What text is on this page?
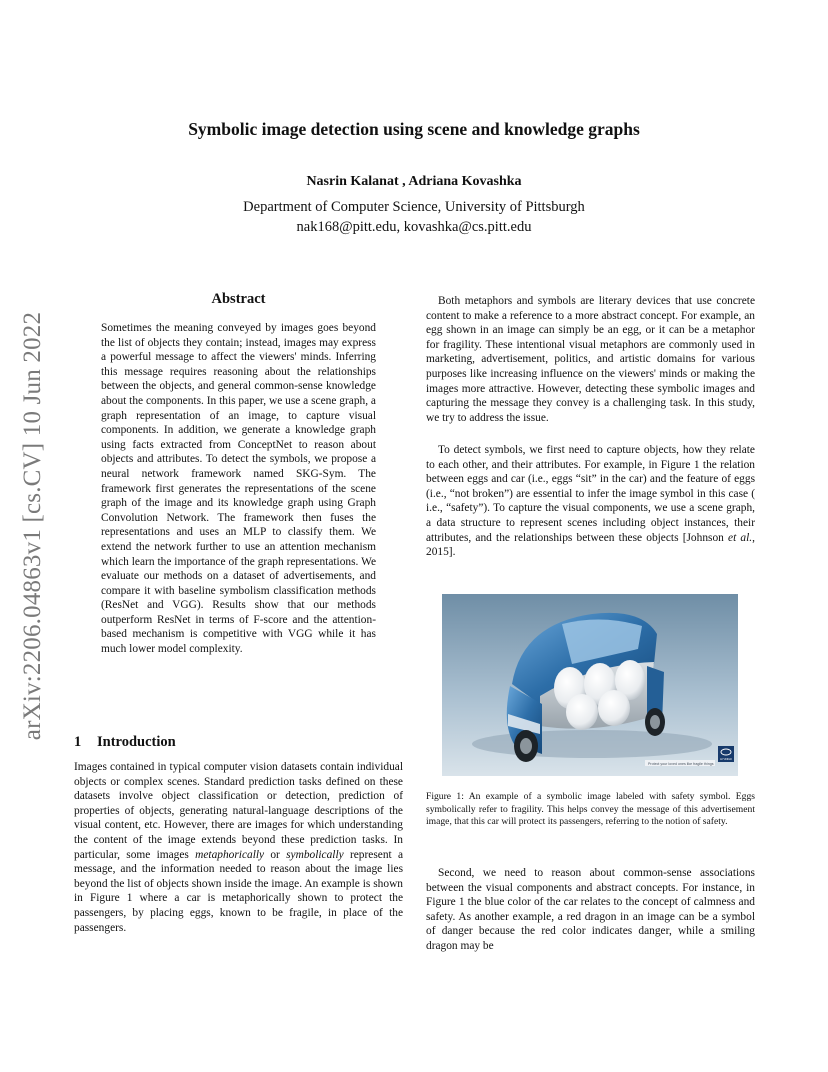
arXiv:2206.04863v1 [cs.CV] 10 Jun 2022
Symbolic image detection using scene and knowledge graphs
Nasrin Kalanat , Adriana Kovashka
Department of Computer Science, University of Pittsburgh
nak168@pitt.edu, kovashka@cs.pitt.edu
Abstract

Sometimes the meaning conveyed by images goes beyond the list of objects they contain; instead, images may express a powerful message to affect the viewers' minds. Inferring this message requires reasoning about the relationships between the objects, and general common-sense knowledge about the components. In this paper, we use a scene graph, a graph representation of an image, to capture visual components. In addition, we generate a knowledge graph using facts extracted from ConceptNet to reason about objects and attributes. To detect the symbols, we propose a neural network framework named SKG-Sym. The framework first generates the representations of the scene graph of the image and its knowledge graph using Graph Convolution Network. The framework then fuses the representations and uses an MLP to classify them. We extend the network further to use an attention mechanism which learn the importance of the graph representations. We evaluate our methods on a dataset of advertisements, and compare it with baseline symbolism classification methods (ResNet and VGG). Results show that our methods outperform ResNet in terms of F-score and the attention-based mechanism is competitive with VGG while it has much lower model complexity.

1 Introduction

Images contained in typical computer vision datasets contain individual objects or complex scenes. Standard prediction tasks defined on these datasets involve object classification or detection, prediction of properties of objects, generating natural-language descriptions of the visual content, etc. However, there are images for which understanding the content of the image extends beyond these prediction tasks. In particular, some images metaphorically or symbolically represent a message, and the information needed to reason about the image lies beyond the list of objects shown inside the image. An example is shown in Figure 1 where a car is metaphorically shown to protect the passengers, by placing eggs, known to be fragile, in place of the passengers.

Both metaphors and symbols are literary devices that use concrete content to make a reference to a more abstract concept. For example, an egg shown in an image can simply be an egg, or it can be a metaphor for fragility. These intentional visual metaphors are commonly used in marketing, advertisement, politics, and artistic domains for various purposes like increasing influence on the viewers' minds or making the images more attractive. However, detecting these symbolic images and capturing the message they convey is a challenging task. In this study, we try to address the issue.

To detect symbols, we first need to capture objects, how they relate to each other, and their attributes. For example, in Figure 1 the relation between eggs and car (i.e., eggs “sit” in the car) and the feature of eggs (i.e., “not broken”) are essential to infer the image symbol in this case ( i.e., “safety”). To capture the visual components, we use a scene graph, a data structure to represent scenes including object instances, their attributes, and the relationships between these objects [Johnson et al., 2015].

Protect your loved ones like fragile things
HYUNDAI

Figure 1: An example of a symbolic image labeled with safety symbol. Eggs symbolically refer to fragility. This helps convey the message of this advertisement image, that this car will protect its passengers, referring to the notion of safety.

Second, we need to reason about common-sense associations between the visual components and abstract concepts. For instance, in Figure 1 the blue color of the car relates to the concept of calmness and safety. As another example, a red dragon in an image can be a symbol of danger because the red color indicates danger, while a smiling dragon may be
